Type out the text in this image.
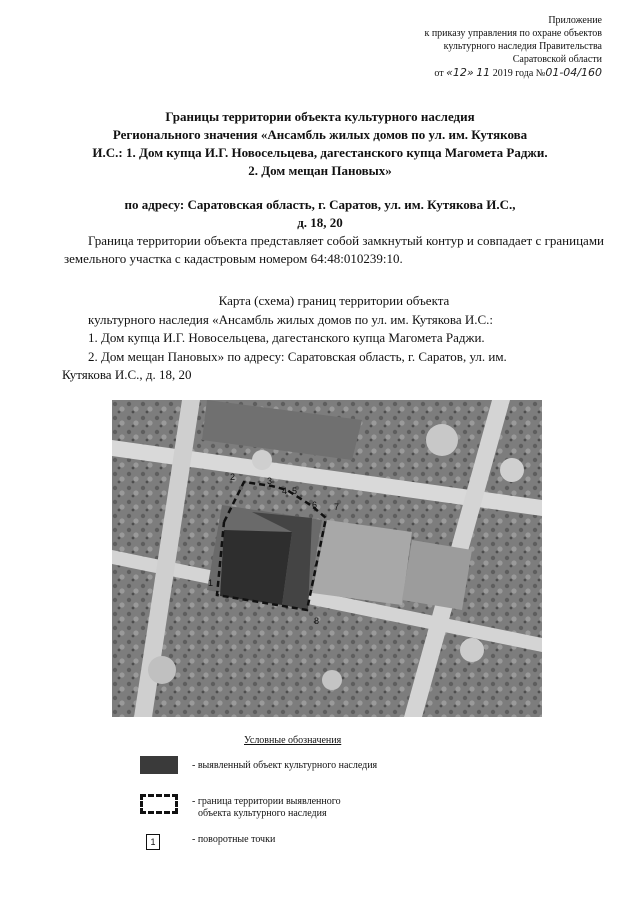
Приложение
к приказу управления по охране объектов
культурного наследия Правительства
Саратовской области
от «12» 11 2019 года №01-04/160
Границы территории объекта культурного наследия
Регионального значения «Ансамбль жилых домов по ул. им. Кутякова
И.С.: 1. Дом купца И.Г. Новосельцева, дагестанского купца Магомета Раджи.
2. Дом мещан Пановых»
по адресу: Саратовская область, г. Саратов, ул. им. Кутякова И.С.,
д. 18, 20
Граница территории объекта представляет собой замкнутый контур и совпадает с границами земельного участка с кадастровым номером 64:48:010239:10.
Карта (схема) границ территории объекта
культурного наследия «Ансамбль жилых домов по ул. им. Кутякова И.С.:
1. Дом купца И.Г. Новосельцева, дагестанского купца Магомета Раджи.
2. Дом мещан Пановых» по адресу: Саратовская область, г. Саратов, ул. им.
Кутякова И.С., д. 18, 20
1
2	3
4 5
6 7
8
Условные обозначения
- выявленный объект культурного наследия
- граница территории выявленного
объекта культурного наследия
1	- поворотные точки
